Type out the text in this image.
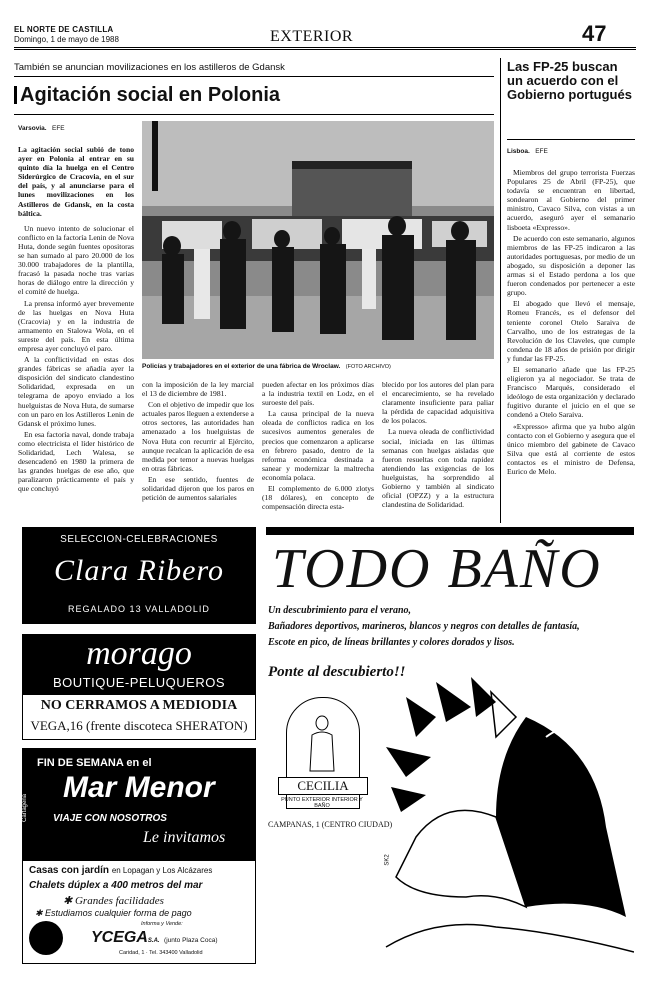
EL NORTE DE CASTILLA
Domingo, 1 de mayo de 1988	EXTERIOR	47
También se anuncian movilizaciones en los astilleros de Gdansk
Agitación social en Polonia
Varsovia. EFE

La agitación social subió de tono ayer en Polonia al entrar en su quinto día la huelga en el Centro Siderúrgico de Cracovia, en el sur del país, y al anunciarse para el lunes movilizaciones en los Astilleros de Gdansk, en la costa báltica.

Un nuevo intento de solucionar el conflicto en la factoría Lenin de Nova Huta, donde según fuentes opositoras se han sumado al paro 20.000 de los 30.000 trabajadores de la plantilla, fracasó la pasada noche tras varias horas de diálogo entre la dirección y el comité de huelga.

La prensa informó ayer brevemente de las huelgas en Nova Huta (Cracovia) y en la industria de armamento en Stalowa Wola, en el sureste del país. En esta última empresa ayer concluyó el paro.

A la conflictividad en estas dos grandes fábricas se añadía ayer la disposición del sindicato clandestino Solidaridad, expresada en un telegrama de apoyo enviado a los huelguistas de Nova Huta, de sumarse con un paro en los Astilleros Lenin de Gdansk el próximo lunes.

En esa factoría naval, donde trabaja como electricista el líder histórico de Solidaridad, Lech Walesa, se desencadenó en 1980 la primera de las grandes huelgas de ese año, que paralizaron prácticamente el país y que concluyó

Policías y trabajadores en el exterior de una fábrica de Wroclaw. (FOTO ARCHIVO)

con la imposición de la ley marcial el 13 de diciembre de 1981.

Con el objetivo de impedir que los actuales paros lleguen a extenderse a otros sectores, las autoridades han amenazado a los huelguistas de Nova Huta con recurrir al Ejército, aunque recalcan la aplicación de esa medida por temor a nuevas huelgas en otras fábricas.

En ese sentido, fuentes de solidaridad dijeron que los paros en petición de aumentos salariales

pueden afectar en los próximos días a la industria textil en Lodz, en el suroeste del país.

La causa principal de la nueva oleada de conflictos radica en los sucesivos aumentos generales de precios que comenzaron a aplicarse en febrero pasado, dentro de la reforma económica destinada a sanear y modernizar la maltrecha economía polaca.

El complemento de 6.000 zlotys (18 dólares), en concepto de compensación directa esta-

blecido por los autores del plan para el encarecimiento, se ha revelado claramente insuficiente para paliar la pérdida de capacidad adquisitiva de los polacos.

La nueva oleada de conflictividad social, iniciada en las últimas semanas con huelgas aisladas que fueron resueltas con toda rapidez atendiendo las exigencias de los huelguistas, ha sorprendido al Gobierno y también al sindicato oficial (OPZZ) y a la estructura clandestina de Solidaridad.

Las FP-25 buscan un acuerdo con el Gobierno portugués
Lisboa. EFE

Miembros del grupo terrorista Fuerzas Populares 25 de Abril (FP-25), que todavía se encuentran en libertad, sondearon al Gobierno del primer ministro, Cavaco Silva, con vistas a un acuerdo, aseguró ayer el semanario lisboeta «Expresso».

De acuerdo con este semanario, algunos miembros de las FP-25 indicaron a las autoridades portuguesas, por medio de un abogado, su disposición a deponer las armas si el Estado perdona a los que fueron condenados por pertenecer a este grupo.

El abogado que llevó el mensaje, Romeu Francés, es el defensor del teniente coronel Otelo Saraiva de Carvalho, uno de los estrategas de la Revolución de los Claveles, que cumple condena de 18 años de prisión por dirigir y fundar las FP-25.

El semanario añade que las FP-25 eligieron ya al negociador. Se trata de Francisco Marqués, considerado el ideólogo de esta organización y declarado fugitivo durante el juicio en el que se condenó a Otelo Saraiva.

«Expresso» afirma que ya hubo algún contacto con el Gobierno y asegura que el único miembro del gabinete de Cavaco Silva que está al corriente de estos contactos es el ministro de Defensa, Eurico de Melo.

SELECCION-CELEBRACIONES
Clara Ribero
REGALADO 13 VALLADOLID
morago
BOUTIQUE-PELUQUEROS
NO CERRAMOS A MEDIODIA
VEGA,16 (frente discoteca SHERATON)
FIN DE SEMANA en el
Mar Menor
VIAJE CON NOSOTROS
Le invitamos
Cartagena
Casas con jardín en Lopagan y Los Alcázares
Chalets dúplex a 400 metros del mar
✱ Grandes facilidades
✱ Estudiamos cualquier forma de pago
Informa y Vende:
YCEGAS.A. (junto Plaza Coca)
Caridad, 1 · Tel. 343400 Valladolid
TODO BAÑO
Un descubrimiento para el verano,
Bañadores deportivos, marineros, blancos y negros con detalles de fantasía,
Escote en pico, de líneas brillantes y colores dorados y lisos.
Ponte al descubierto!!
CECILIA
PUNTO EXTERIOR INTERIOR Y BAÑO
CAMPANAS, 1 (CENTRO CIUDAD)
SK2
